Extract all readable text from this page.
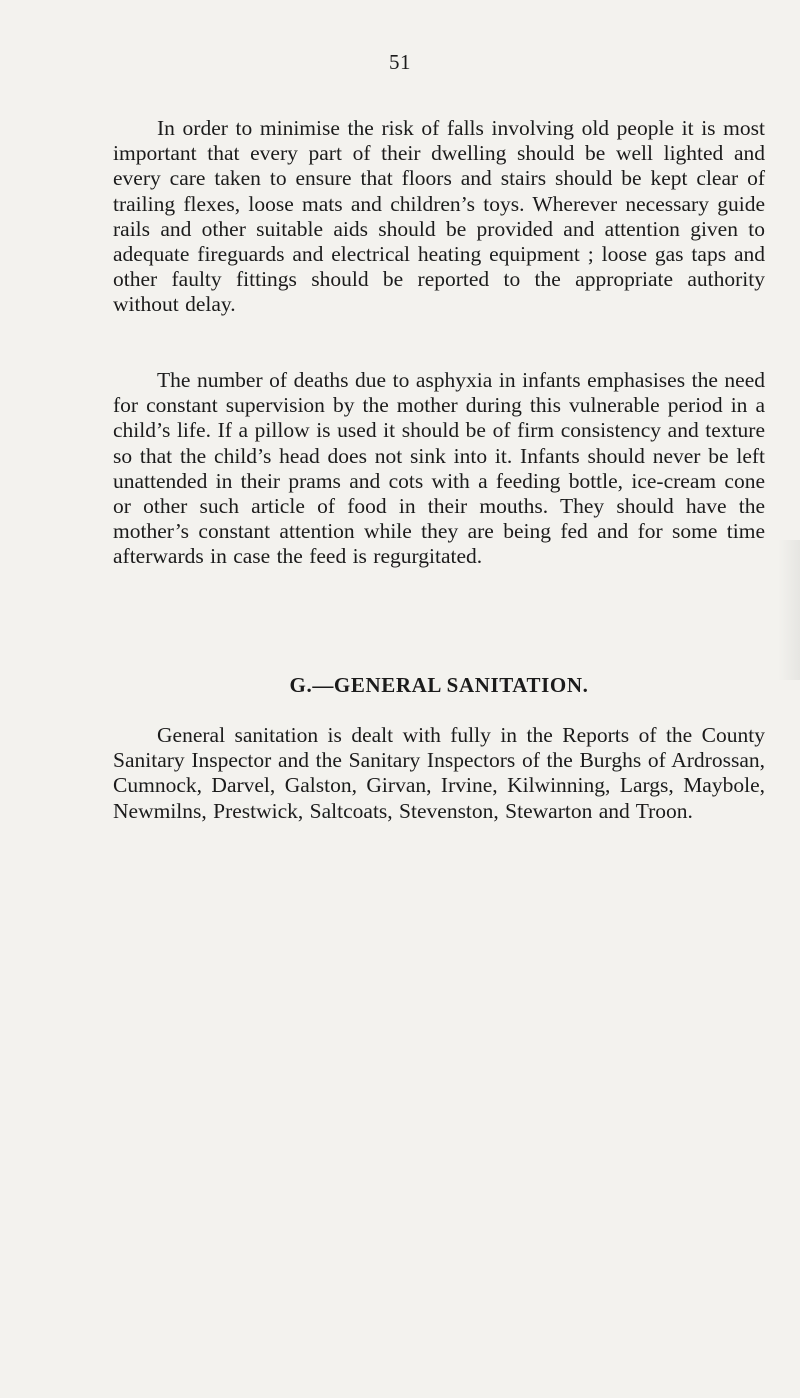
51

In order to minimise the risk of falls involving old people it is most important that every part of their dwelling should be well lighted and every care taken to ensure that floors and stairs should be kept clear of trailing flexes, loose mats and children’s toys. Wherever necessary guide rails and other suitable aids should be provided and attention given to adequate fireguards and electrical heating equipment ; loose gas taps and other faulty fittings should be reported to the appropriate authority without delay.

The number of deaths due to asphyxia in infants emphasises the need for constant supervision by the mother during this vulnerable period in a child’s life. If a pillow is used it should be of firm consistency and texture so that the child’s head does not sink into it. Infants should never be left unattended in their prams and cots with a feeding bottle, ice-cream cone or other such article of food in their mouths. They should have the mother’s constant attention while they are being fed and for some time afterwards in case the feed is regurgitated.

G.—GENERAL SANITATION.

General sanitation is dealt with fully in the Reports of the County Sanitary Inspector and the Sanitary Inspectors of the Burghs of Ardrossan, Cumnock, Darvel, Galston, Girvan, Irvine, Kilwinning, Largs, Maybole, Newmilns, Prestwick, Saltcoats, Stevenston, Stewarton and Troon.
